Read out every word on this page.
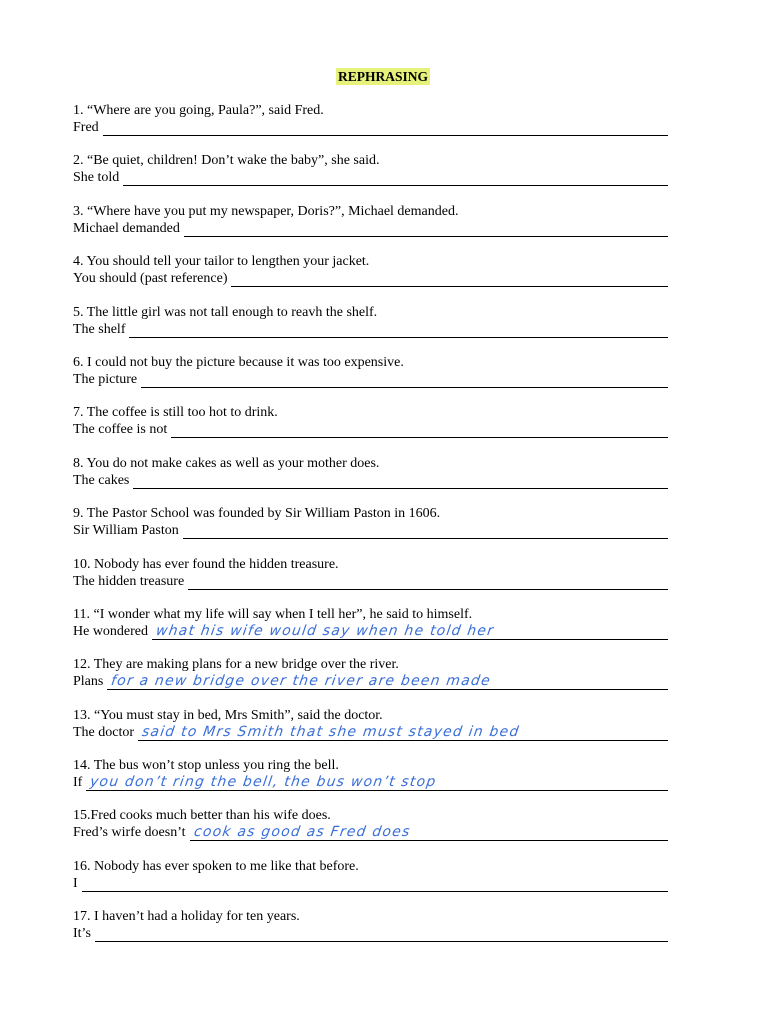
REPHRASING
1. “Where are you going, Paula?”, said Fred.
Fred
2. “Be quiet, children! Don’t wake the baby”, she said.
She told
3. “Where have you put my newspaper, Doris?”, Michael demanded.
Michael demanded
4. You should tell your tailor to lengthen your jacket.
You should (past reference)
5. The little girl was not tall enough to reavh the shelf.
The shelf
6. I could not buy the picture because it was too expensive.
The picture
7. The coffee is still too hot to drink.
The coffee is not
8. You do not make cakes as well as your mother does.
The cakes
9. The Pastor School was founded by Sir William Paston in 1606.
Sir William Paston
10. Nobody has ever found the hidden treasure.
The hidden treasure
11. “I wonder what my life will say when I tell her”, he said to himself.
He wondered what his wife would say when he told her
12. They are making plans for a new bridge over the river.
Plans for a new bridge over the river are been made
13. “You must stay in bed, Mrs Smith”, said the doctor.
The doctor said to Mrs Smith that she must stayed in bed
14. The bus won’t stop unless you ring the bell.
If you don’t ring the bell, the bus won’t stop
15.Fred cooks much better than his wife does.
Fred’s wirfe doesn’t cook as good as Fred does
16. Nobody has ever spoken to me like that before.
I
17. I haven’t had a holiday for ten years.
It’s
